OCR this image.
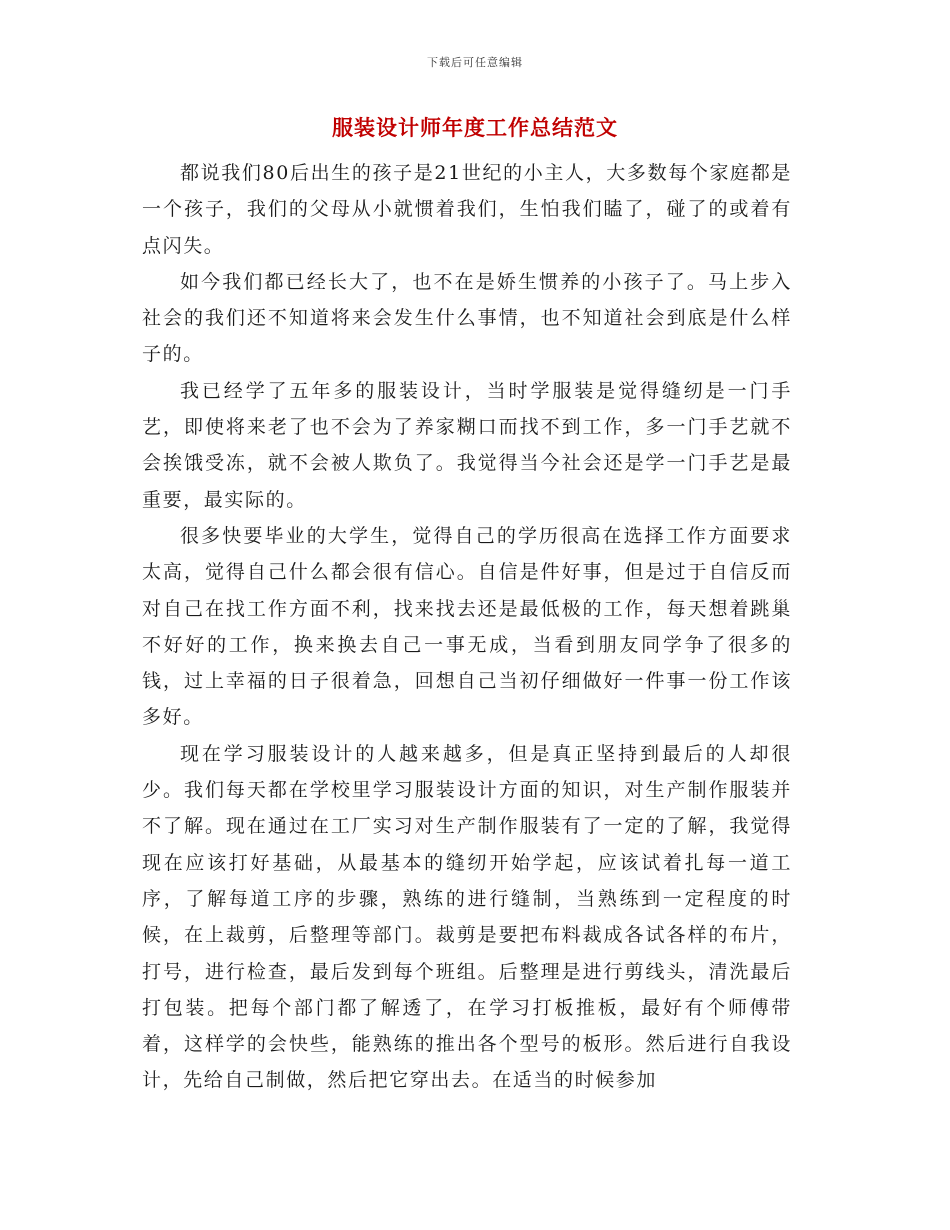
下载后可任意编辑
服装设计师年度工作总结范文

都说我们80后出生的孩子是21世纪的小主人，大多数每个家庭都是一个孩子，我们的父母从小就惯着我们，生怕我们瞌了，碰了的或着有点闪失。

如今我们都已经长大了，也不在是娇生惯养的小孩子了。马上步入社会的我们还不知道将来会发生什么事情，也不知道社会到底是什么样子的。

我已经学了五年多的服装设计，当时学服装是觉得缝纫是一门手艺，即使将来老了也不会为了养家糊口而找不到工作，多一门手艺就不会挨饿受冻，就不会被人欺负了。我觉得当今社会还是学一门手艺是最重要，最实际的。

很多快要毕业的大学生，觉得自己的学历很高在选择工作方面要求太高，觉得自己什么都会很有信心。自信是件好事，但是过于自信反而对自己在找工作方面不利，找来找去还是最低极的工作，每天想着跳巢不好好的工作，换来换去自己一事无成，当看到朋友同学争了很多的钱，过上幸福的日子很着急，回想自己当初仔细做好一件事一份工作该多好。

现在学习服装设计的人越来越多，但是真正坚持到最后的人却很少。我们每天都在学校里学习服装设计方面的知识，对生产制作服装并不了解。现在通过在工厂实习对生产制作服装有了一定的了解，我觉得现在应该打好基础，从最基本的缝纫开始学起，应该试着扎每一道工序，了解每道工序的步骤，熟练的进行缝制，当熟练到一定程度的时候，在上裁剪，后整理等部门。裁剪是要把布料裁成各试各样的布片，打号，进行检查，最后发到每个班组。后整理是进行剪线头，清洗最后打包装。把每个部门都了解透了，在学习打板推板，最好有个师傅带着，这样学的会快些，能熟练的推出各个型号的板形。然后进行自我设计，先给自己制做，然后把它穿出去。在适当的时候参加
